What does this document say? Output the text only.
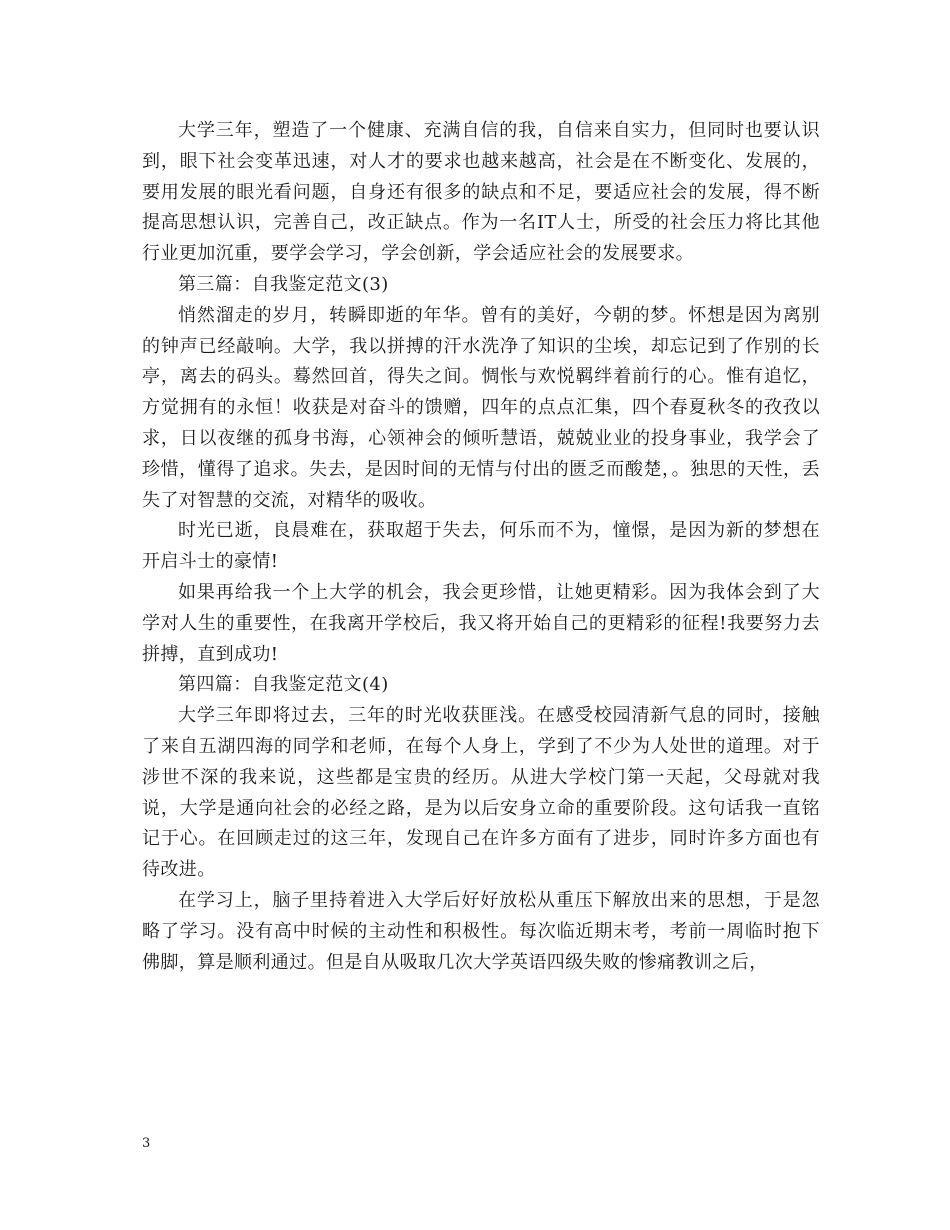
大学三年，塑造了一个健康、充满自信的我，自信来自实力，但同时也要认识到，眼下社会变革迅速，对人才的要求也越来越高，社会是在不断变化、发展的，要用发展的眼光看问题，自身还有很多的缺点和不足，要适应社会的发展，得不断提高思想认识，完善自己，改正缺点。作为一名IT人士，所受的社会压力将比其他行业更加沉重，要学会学习，学会创新，学会适应社会的发展要求。

第三篇：自我鉴定范文(3)

悄然溜走的岁月，转瞬即逝的年华。曾有的美好，今朝的梦。怀想是因为离别的钟声已经敲响。大学，我以拼搏的汗水洗净了知识的尘埃，却忘记到了作别的长亭，离去的码头。蓦然回首，得失之间。惆怅与欢悦羁绊着前行的心。惟有追忆，方觉拥有的永恒！收获是对奋斗的馈赠，四年的点点汇集，四个春夏秋冬的孜孜以求，日以夜继的孤身书海，心领神会的倾听慧语，兢兢业业的投身事业，我学会了珍惜，懂得了追求。失去，是因时间的无情与付出的匮乏而酸楚，。独思的天性，丢失了对智慧的交流，对精华的吸收。

时光已逝，良晨难在，获取超于失去，何乐而不为，憧憬，是因为新的梦想在开启斗士的豪情!

如果再给我一个上大学的机会，我会更珍惜，让她更精彩。因为我体会到了大学对人生的重要性，在我离开学校后，我又将开始自己的更精彩的征程!我要努力去拼搏，直到成功!

第四篇：自我鉴定范文(4)

大学三年即将过去，三年的时光收获匪浅。在感受校园清新气息的同时，接触了来自五湖四海的同学和老师，在每个人身上，学到了不少为人处世的道理。对于涉世不深的我来说，这些都是宝贵的经历。从进大学校门第一天起，父母就对我说，大学是通向社会的必经之路，是为以后安身立命的重要阶段。这句话我一直铭记于心。在回顾走过的这三年，发现自己在许多方面有了进步，同时许多方面也有待改进。

在学习上，脑子里持着进入大学后好好放松从重压下解放出来的思想，于是忽略了学习。没有高中时候的主动性和积极性。每次临近期末考，考前一周临时抱下佛脚，算是顺利通过。但是自从吸取几次大学英语四级失败的惨痛教训之后，

3
